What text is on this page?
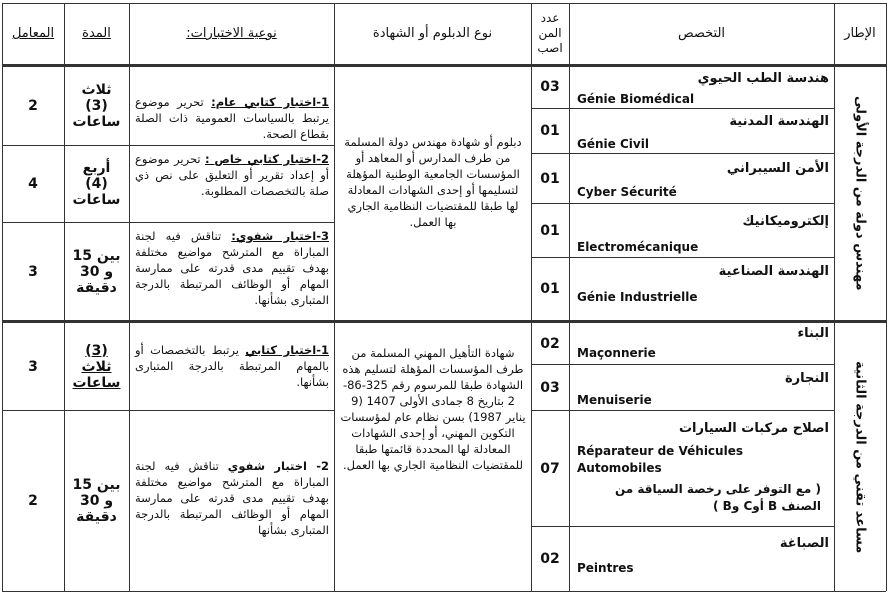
الإطار
التخصص
عدد المن اصب
نوع الدبلوم أو الشهادة
نوعية الاختبارات:
المدة
المعامل
مهندس دولة من الدرجة الأولى
هندسة الطب الحيوي
Génie Biomédical
03
الهندسة المدنية
Génie Civil
01
الأمن السيبراني
Cyber Sécurité
01
إلكتروميكانيك
Electromécanique
01
الهندسة الصناعية
Génie Industrielle
01
دبلوم أو شهادة مهندس دولة المسلمة من طرف المدارس أو المعاهد أو المؤسسات الجامعية الوطنية المؤهلة لتسليمها أو إحدى الشهادات المعادلة لها طبقا للمقتضيات النظامية الجاري بها العمل.
1-اختبار كتابي عام: تحرير موضوع يرتبط بالسياسات العمومية ذات الصلة بقطاع الصحة.
ثلاث (3) ساعات
2
2-اختبار كتابي خاص : تحرير موضوع أو إعداد تقرير أو التعليق على نص ذي صلة بالتخصصات المطلوبة.
أربع (4) ساعات
4
3-اختبار شفوي: تناقش فيه لجنة المباراة مع المترشح مواضيع مختلفة بهدف تقييم مدى قدرته على ممارسة المهام أو الوظائف المرتبطة بالدرجة المتبارى بشأنها.
بين 15 و 30 دقيقة
3
مساعد تقني من الدرجة الثانية
البناء
Maçonnerie
02
النجارة
Menuiserie
03
اصلاح مركبات السيارات
Réparateur de Véhicules Automobiles
( مع التوفر على رخصة السياقة من الصنف B أوC وB )
07
الصباغة
Peintres
02
شهادة التأهيل المهني المسلمة من طرف المؤسسات المؤهلة لتسليم هذه الشهادة طبقا للمرسوم رقم 325-86-2 بتاريخ 8 جمادى الأولى 1407 (9 يناير 1987) بسن نظام عام لمؤسسات التكوين المهني، أو إحدى الشهادات المعادلة لها المحددة قائمتها طبقا للمقتضيات النظامية الجاري بها العمل.
1-اختبار كتابي يرتبط بالتخصصات أو بالمهام المرتبطة بالدرجة المتبارى بشأنها.
(3) ثلاث ساعات
3
2- اختبار شفوي تناقش فيه لجنة المباراة مع المترشح مواضيع مختلفة بهدف تقييم مدى قدرته على ممارسة المهام أو الوظائف المرتبطة بالدرجة المتبارى بشأنها
بين 15 و 30 دقيقة
2
